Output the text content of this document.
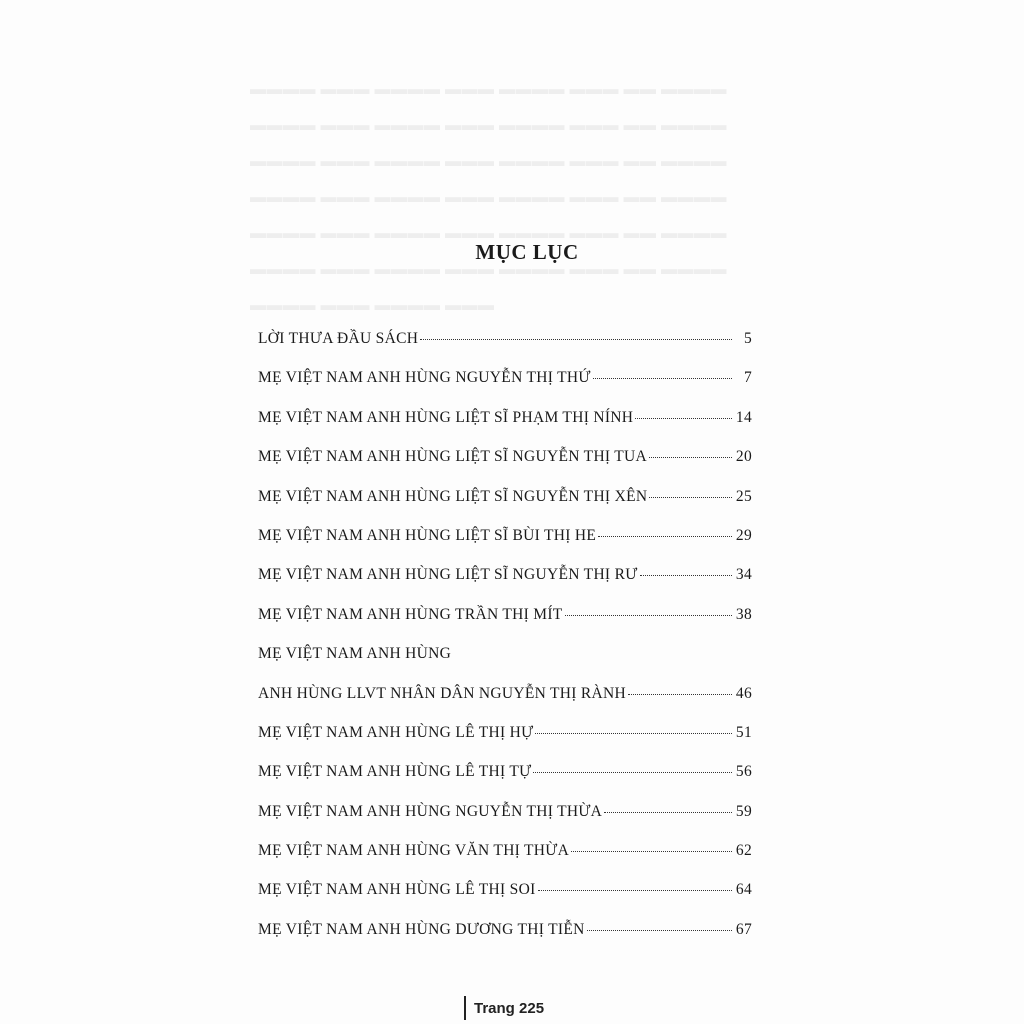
▬▬▬▬ ▬▬▬ ▬▬▬▬ ▬▬▬ ▬▬▬▬ ▬▬▬ ▬▬ ▬▬▬▬
▬▬▬▬ ▬▬▬ ▬▬▬▬ ▬▬▬ ▬▬▬▬ ▬▬▬ ▬▬ ▬▬▬▬
▬▬▬▬ ▬▬▬ ▬▬▬▬ ▬▬▬ ▬▬▬▬ ▬▬▬ ▬▬ ▬▬▬▬
▬▬▬▬ ▬▬▬ ▬▬▬▬ ▬▬▬ ▬▬▬▬ ▬▬▬ ▬▬ ▬▬▬▬
▬▬▬▬ ▬▬▬ ▬▬▬▬ ▬▬▬ ▬▬▬▬ ▬▬▬ ▬▬ ▬▬▬▬
▬▬▬▬ ▬▬▬ ▬▬▬▬ ▬▬▬ ▬▬▬▬ ▬▬▬ ▬▬ ▬▬▬▬
▬▬▬▬ ▬▬▬ ▬▬▬▬ ▬▬▬
MỤC LỤC
LỜI THƯA ĐẦU SÁCH	5
MẸ VIỆT NAM ANH HÙNG NGUYỄN THỊ THỨ	7
MẸ VIỆT NAM ANH HÙNG LIỆT SĨ PHẠM THỊ NÍNH	14
MẸ VIỆT NAM ANH HÙNG LIỆT SĨ NGUYỄN THỊ TUA	20
MẸ VIỆT NAM ANH HÙNG LIỆT SĨ NGUYỄN THỊ XÊN	25
MẸ VIỆT NAM ANH HÙNG LIỆT SĨ BÙI THỊ HE	29
MẸ VIỆT NAM ANH HÙNG LIỆT SĨ NGUYỄN THỊ RƯ	34
MẸ VIỆT NAM ANH HÙNG TRẦN THỊ MÍT	38
MẸ VIỆT NAM ANH HÙNG
ANH HÙNG LLVT NHÂN DÂN NGUYỄN THỊ RÀNH	46
MẸ VIỆT NAM ANH HÙNG LÊ THỊ HỰ	51
MẸ VIỆT NAM ANH HÙNG LÊ THỊ TỰ	56
MẸ VIỆT NAM ANH HÙNG NGUYỄN THỊ THỪA	59
MẸ VIỆT NAM ANH HÙNG VĂN THỊ THỪA	62
MẸ VIỆT NAM ANH HÙNG LÊ THỊ SOI	64
MẸ VIỆT NAM ANH HÙNG DƯƠNG THỊ TIỄN	67
Trang 225
